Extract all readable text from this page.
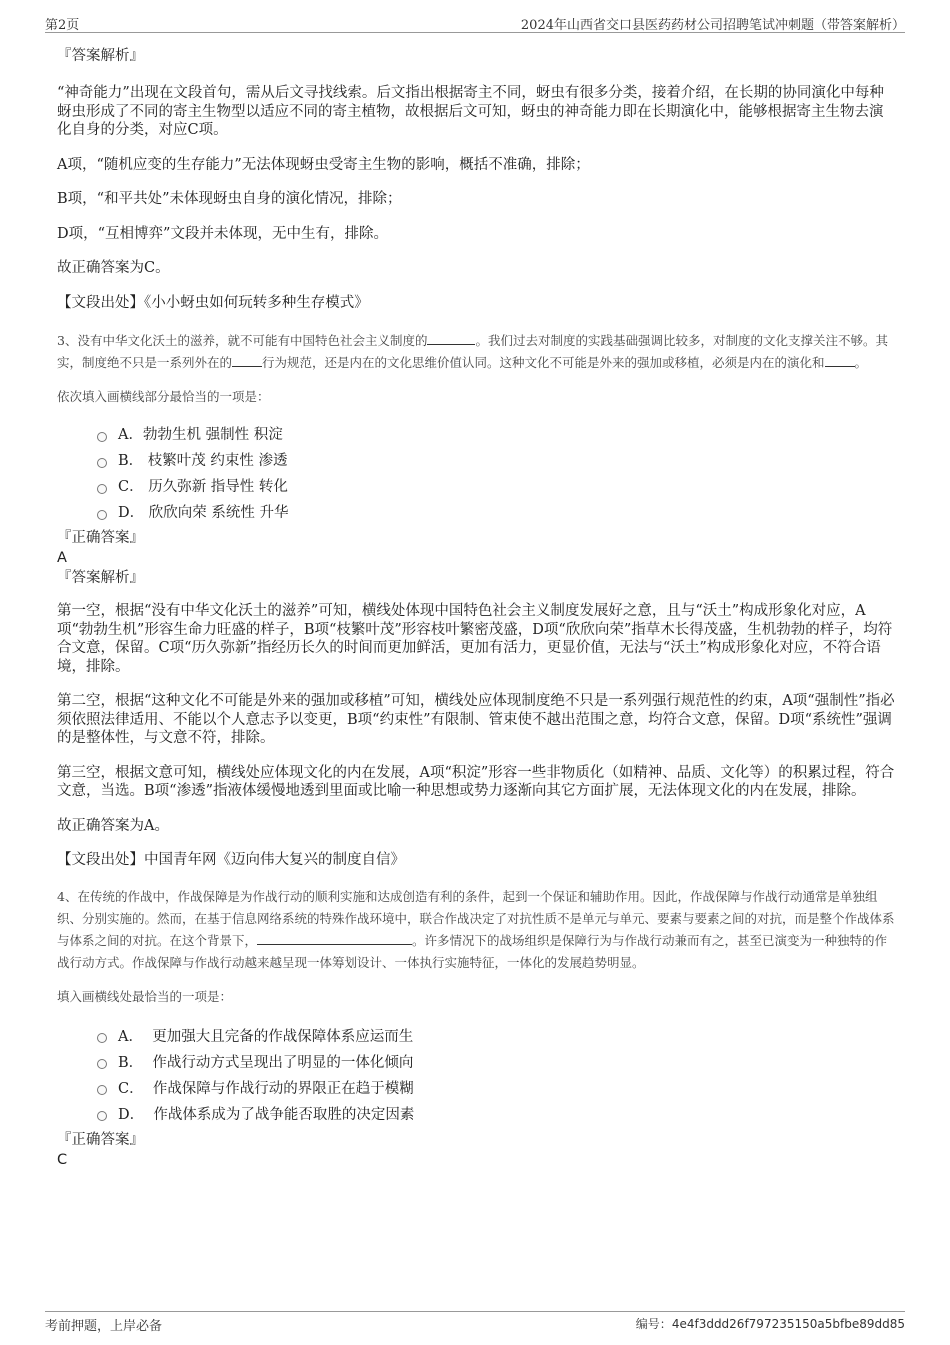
第2页	2024年山西省交口县医药药材公司招聘笔试冲刺题（带答案解析）

『答案解析』

“神奇能力”出现在文段首句，需从后文寻找线索。后文指出根据寄主不同，蚜虫有很多分类，接着介绍，在长期的协同演化中每种蚜虫形成了不同的寄主生物型以适应不同的寄主植物，故根据后文可知，蚜虫的神奇能力即在长期演化中，能够根据寄主生物去演化自身的分类，对应C项。

A项，“随机应变的生存能力”无法体现蚜虫受寄主生物的影响，概括不准确，排除；

B项，“和平共处”未体现蚜虫自身的演化情况，排除；

D项，“互相博弈”文段并未体现，无中生有，排除。

故正确答案为C。

【文段出处】《小小蚜虫如何玩转多种生存模式》

3、没有中华文化沃土的滋养，就不可能有中国特色社会主义制度的	。我们过去对制度的实践基础强调比较多，对制度的文化支撑关注不够。其实，制度绝不只是一系列外在的 行为规范，还是内在的文化思维价值认同。这种文化不可能是外来的强加或移植，必须是内在的演化和 。

依次填入画横线部分最恰当的一项是：

A．勃勃生机 强制性 积淀
B． 枝繁叶茂 约束性 渗透
C． 历久弥新 指导性 转化
D． 欣欣向荣 系统性 升华

『正确答案』

A

『答案解析』

第一空，根据“没有中华文化沃土的滋养”可知，横线处体现中国特色社会主义制度发展好之意，且与“沃土”构成形象化对应，A项“勃勃生机”形容生命力旺盛的样子，B项“枝繁叶茂”形容枝叶繁密茂盛，D项“欣欣向荣”指草木长得茂盛，生机勃勃的样子，均符合文意，保留。C项“历久弥新”指经历长久的时间而更加鲜活，更加有活力，更显价值，无法与“沃土”构成形象化对应，不符合语境，排除。

第二空，根据“这种文化不可能是外来的强加或移植”可知，横线处应体现制度绝不只是一系列强行规范性的约束，A项“强制性”指必须依照法律适用、不能以个人意志予以变更，B项“约束性”有限制、管束使不越出范围之意，均符合文意，保留。D项“系统性”强调的是整体性，与文意不符，排除。

第三空，根据文意可知，横线处应体现文化的内在发展，A项“积淀”形容一些非物质化（如精神、品质、文化等）的积累过程，符合文意，当选。B项“渗透”指液体缓慢地透到里面或比喻一种思想或势力逐渐向其它方面扩展，无法体现文化的内在发展，排除。

故正确答案为A。

【文段出处】中国青年网《迈向伟大复兴的制度自信》

4、在传统的作战中，作战保障是为作战行动的顺利实施和达成创造有利的条件，起到一个保证和辅助作用。因此，作战保障与作战行动通常是单独组织、分别实施的。然而，在基于信息网络系统的特殊作战环境中，联合作战决定了对抗性质不是单元与单元、要素与要素之间的对抗，而是整个作战体系与体系之间的对抗。在这个背景下，	。许多情况下的战场组织是保障行为与作战行动兼而有之，甚至已演变为一种独特的作战行动方式。作战保障与作战行动越来越呈现一体筹划设计、一体执行实施特征，一体化的发展趋势明显。

填入画横线处最恰当的一项是：

A．  更加强大且完备的作战保障体系应运而生
B．  作战行动方式呈现出了明显的一体化倾向
C．  作战保障与作战行动的界限正在趋于模糊
D．  作战体系成为了战争能否取胜的决定因素

『正确答案』

C

考前押题，上岸必备	编号：4e4f3ddd26f797235150a5bfbe89dd85
